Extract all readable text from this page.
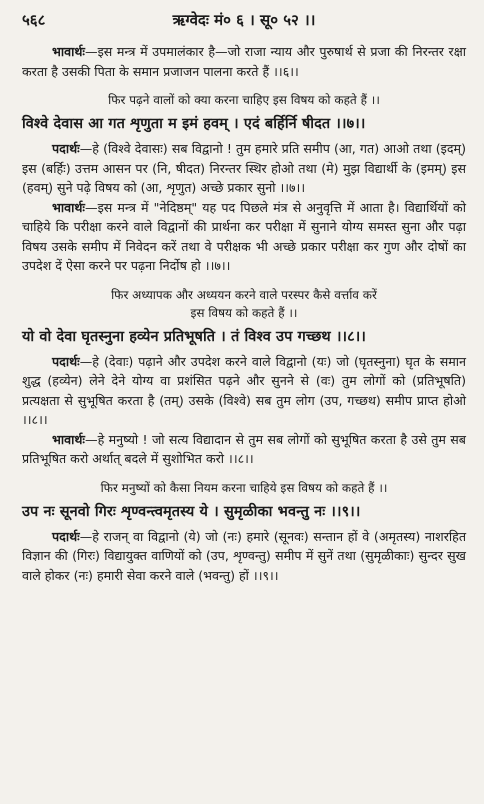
५६८	ऋग्वेदः मं० ६ । सू० ५२ ।।

भावार्थः—इस मन्त्र में उपमालंकार है—जो राजा न्याय और पुरुषार्थ से प्रजा की निरन्तर रक्षा करता है उसकी पिता के समान प्रजाजन पालना करते हैं ।।६।।

फिर पढ़ने वालों को क्या करना चाहिए इस विषय को कहते हैं ।।

विश्वे देवास आ गत शृणुता म इमं हवम् । एदं बर्हिर्नि षीदत ।।७।।

पदार्थः—हे (विश्वे देवासः) सब विद्वानो ! तुम हमारे प्रति समीप (आ, गत) आओ तथा (इदम्) इस (बर्हिः) उत्तम आसन पर (नि, षीदत) निरन्तर स्थिर होओ तथा (मे) मुझ विद्यार्थी के (इमम्) इस (हवम्) सुने पढ़े विषय को (आ, शृणुत) अच्छे प्रकार सुनो ।।७।।

भावार्थः—इस मन्त्र में "नेदिष्ठम्" यह पद पिछले मंत्र से अनुवृत्ति में आता है। विद्यार्थियों को चाहिये कि परीक्षा करने वाले विद्वानों की प्रार्थना कर परीक्षा में सुनाने योग्य समस्त सुना और पढ़ा विषय उसके समीप में निवेदन करें तथा वे परीक्षक भी अच्छे प्रकार परीक्षा कर गुण और दोषों का उपदेश दें ऐसा करने पर पढ़ना निर्दोष हो ।।७।।

फिर अध्यापक और अध्ययन करने वाले परस्पर कैसे वर्त्ताव करें

इस विषय को कहते हैं ।।

यो वो देवा घृतस्नुना हव्येन प्रतिभूषति । तं विश्व उप गच्छथ ।।८।।

पदार्थः—हे (देवाः) पढ़ाने और उपदेश करने वाले विद्वानो (यः) जो (घृतस्नुना) घृत के समान शुद्ध (हव्येन) लेने देने योग्य वा प्रशंसित पढ़ने और सुनने से (वः) तुम लोगों को (प्रतिभूषति) प्रत्यक्षता से सुभूषित करता है (तम्) उसके (विश्वे) सब तुम लोग (उप, गच्छथ) समीप प्राप्त होओ ।।८।।

भावार्थः—हे मनुष्यो ! जो सत्य विद्यादान से तुम सब लोगों को सुभूषित करता है उसे तुम सब प्रतिभूषित करो अर्थात् बदले में सुशोभित करो ।।८।।

फिर मनुष्यों को कैसा नियम करना चाहिये इस विषय को कहते हैं ।।

उप नः सूनवो गिरः शृण्वन्त्वमृतस्य ये । सुमृळीका भवन्तु नः ।।९।।

पदार्थः—हे राजन् वा विद्वानो (ये) जो (नः) हमारे (सूनवः) सन्तान हों वे (अमृतस्य) नाशरहित विज्ञान की (गिरः) विद्यायुक्त वाणियों को (उप, शृण्वन्तु) समीप में सुनें तथा (सुमृळीकाः) सुन्दर सुख वाले होकर (नः) हमारी सेवा करने वाले (भवन्तु) हों ।।९।।
